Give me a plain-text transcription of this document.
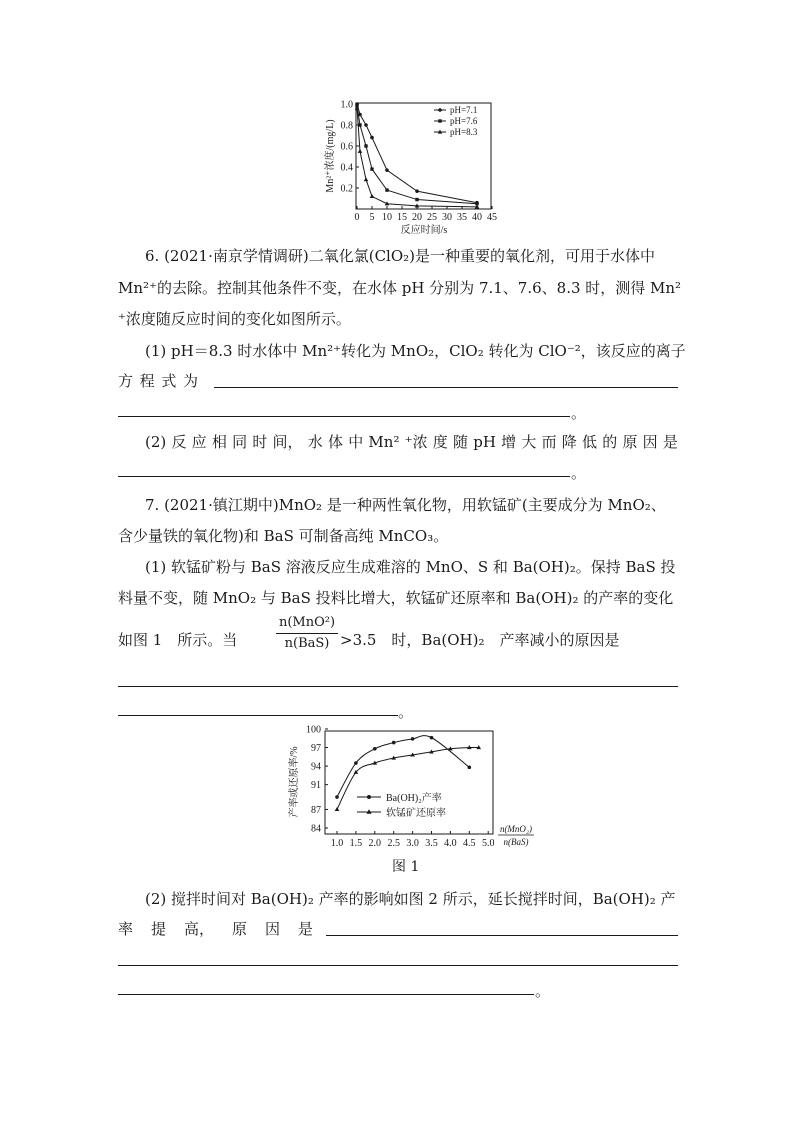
1.0
0.8
0.6
0.4
0.2
0 5 10 15 20 25 30 35 40 45
Mn²⁺浓度/(mg/L)
反应时间/s
pH=7.1
pH=7.6
pH=8.3
6. (2021·南京学情调研)二氧化氯(ClO₂)是一种重要的氧化剂，可用于水体中
Mn²⁺的去除。控制其他条件不变，在水体 pH 分别为 7.1、7.6、8.3 时，测得 Mn²
⁺浓度随反应时间的变化如图所示。
(1) pH＝8.3 时水体中 Mn²⁺转化为 MnO₂，ClO₂ 转化为 ClO⁻²，该反应的离子
方 程 式 为
。
(2) 反 应 相 同 时 间， 水 体 中 Mn² ⁺浓 度 随 pH 增 大 而 降 低 的 原 因 是
。
7. (2021·镇江期中)MnO₂ 是一种两性氧化物，用软锰矿(主要成分为 MnO₂、
含少量铁的氧化物)和 BaS 可制备高纯 MnCO₃。
(1) 软锰矿粉与 BaS 溶液反应生成难溶的 MnO、S 和 Ba(OH)₂。保持 BaS 投
料量不变，随 MnO₂ 与 BaS 投料比增大，软锰矿还原率和 Ba(OH)₂ 的产率的变化
如图 1　所示。当
n(MnO²)
n(BaS) >3.5　时，Ba(OH)₂　产率减小的原因是
。
100
97
94
91
87
84
1.0 1.5 2.0 2.5 3.0 3.5 4.0 4.5 5.0
产率或还原率/%
n(MnO₂)
n(BaS)
Ba(OH)₂产率
软锰矿还原率
图 1
(2) 搅拌时间对 Ba(OH)₂ 产率的影响如图 2 所示，延长搅拌时间，Ba(OH)₂ 产
率 提 高， 原 因 是
。
